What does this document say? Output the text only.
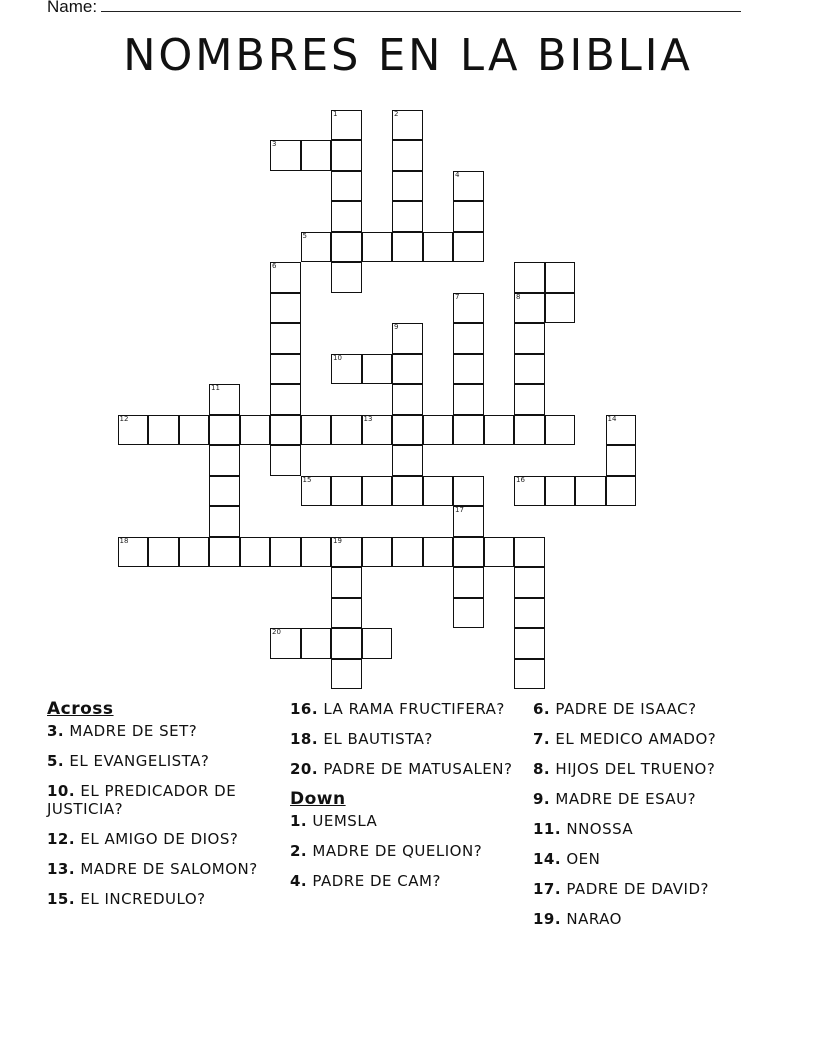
Name:
NOMBRES EN LA BIBLIA
1	2
3
4
5
6
7	8
9
10
11
12	13	14
15	16
17
18	19
20
Across
3. MADRE DE SET?
5. EL EVANGELISTA?
10. EL PREDICADOR DE JUSTICIA?
12. EL AMIGO DE DIOS?
13. MADRE DE SALOMON?
15. EL INCREDULO?
16. LA RAMA FRUCTIFERA?
18. EL BAUTISTA?
20. PADRE DE MATUSALEN?
Down
1. UEMSLA
2. MADRE DE QUELION?
4. PADRE DE CAM?
6. PADRE DE ISAAC?
7. EL MEDICO AMADO?
8. HIJOS DEL TRUENO?
9. MADRE DE ESAU?
11. NNOSSA
14. OEN
17. PADRE DE DAVID?
19. NARAO
